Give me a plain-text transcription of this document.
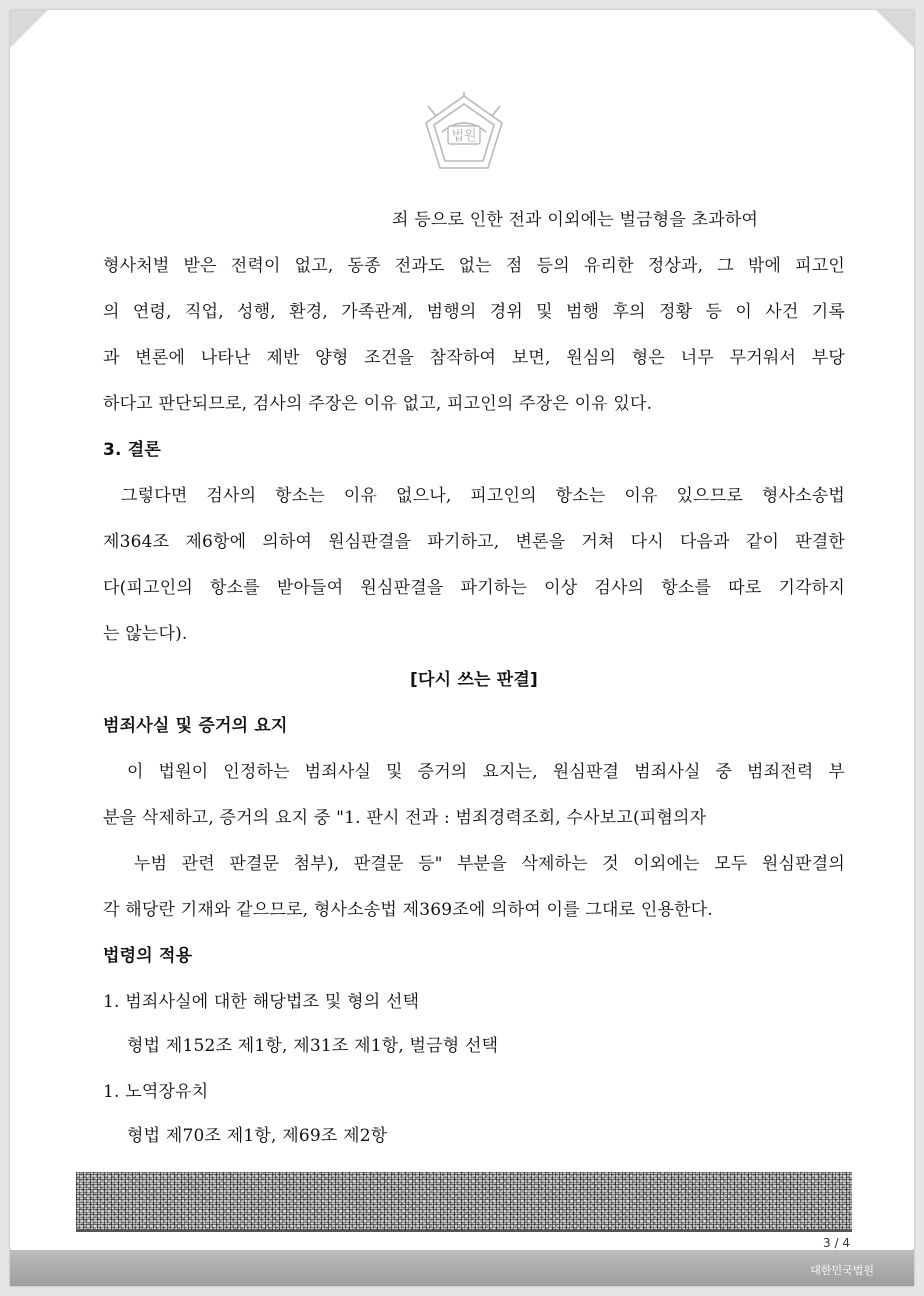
법원
죄 등으로 인한 전과 이외에는 벌금형을 초과하여
형사처벌 받은 전력이 없고, 동종 전과도 없는 점 등의 유리한 정상과, 그 밖에 피고인
의 연령, 직업, 성행, 환경, 가족관계, 범행의 경위 및 범행 후의 정황 등 이 사건 기록
과 변론에 나타난 제반 양형 조건을 참작하여 보면, 원심의 형은 너무 무거워서 부당
하다고 판단되므로, 검사의 주장은 이유 없고, 피고인의 주장은 이유 있다.
3. 결론
그렇다면 검사의 항소는 이유 없으나, 피고인의 항소는 이유 있으므로 형사소송법
제364조 제6항에 의하여 원심판결을 파기하고, 변론을 거쳐 다시 다음과 같이 판결한
다(피고인의 항소를 받아들여 원심판결을 파기하는 이상 검사의 항소를 따로 기각하지
는 않는다).
[다시 쓰는 판결]
범죄사실 및 증거의 요지
이 법원이 인정하는 범죄사실 및 증거의 요지는, 원심판결 범죄사실 중 범죄전력 부
분을 삭제하고, 증거의 요지 중 "1. 판시 전과 : 범죄경력조회, 수사보고(피혐의자
누범 관련 판결문 첨부), 판결문 등" 부분을 삭제하는 것 이외에는 모두 원심판결의
각 해당란 기재와 같으므로, 형사소송법 제369조에 의하여 이를 그대로 인용한다.
법령의 적용
1. 범죄사실에 대한 해당법조 및 형의 선택
형법 제152조 제1항, 제31조 제1항, 벌금형 선택
1. 노역장유치
형법 제70조 제1항, 제69조 제2항
3 / 4
대한민국법원
